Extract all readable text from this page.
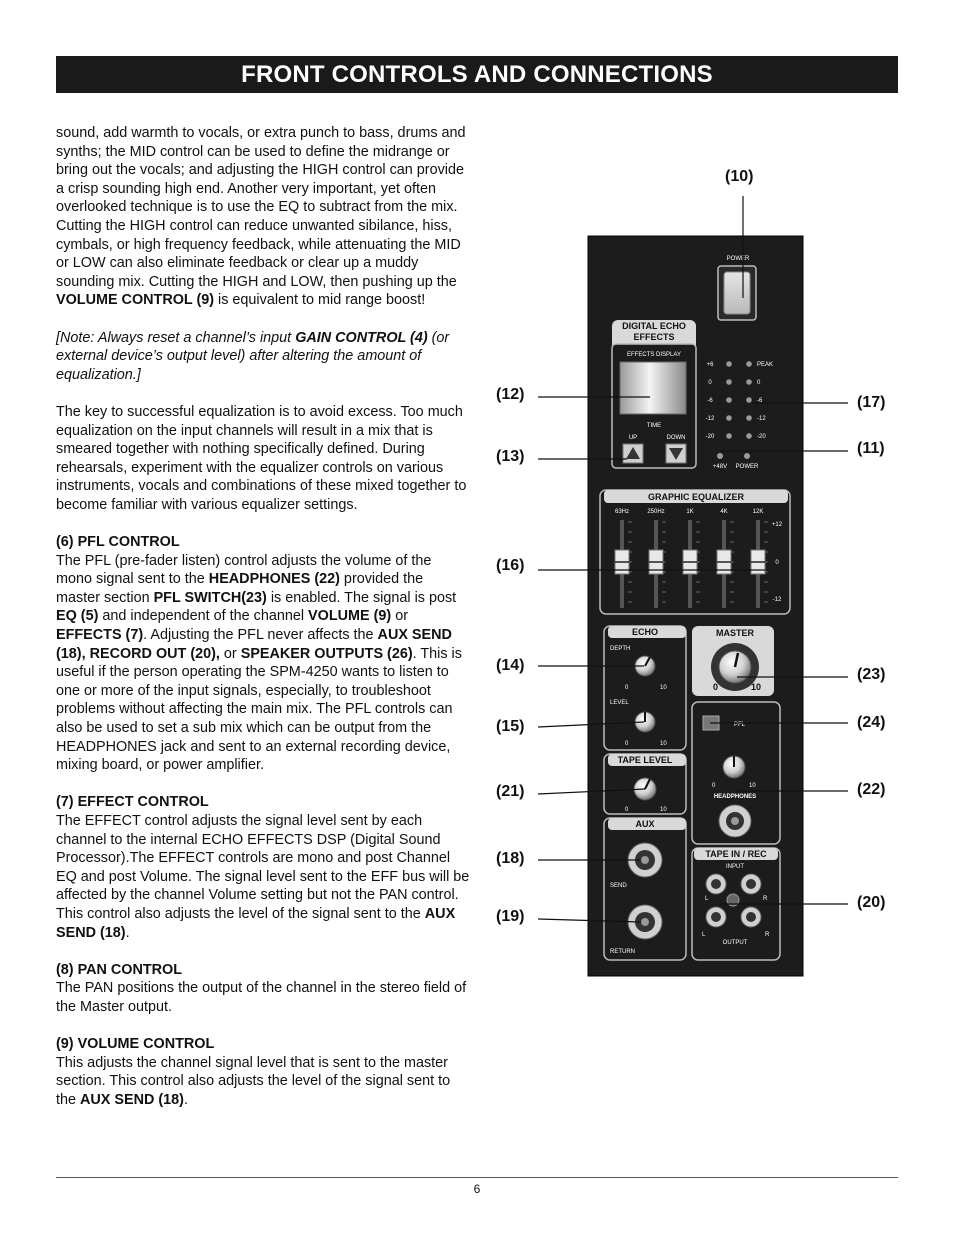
FRONT CONTROLS AND CONNECTIONS

sound, add warmth to vocals, or extra punch to bass, drums and synths; the MID control can be used to define the midrange or bring out the vocals; and adjusting the HIGH control can provide a crisp sounding high end. Another very important, yet often overlooked technique is to use the EQ to subtract from the mix. Cutting the HIGH control can reduce unwanted sibilance, hiss, cymbals, or high frequency feedback, while attenuating the MID or LOW can also eliminate feedback or clear up a muddy sounding mix. Cutting the HIGH and LOW, then pushing up the VOLUME CONTROL (9) is equivalent to mid range boost!

[Note: Always reset a channel’s input GAIN CONTROL (4) (or external device’s output level) after altering the amount of equalization.]

The key to successful equalization is to avoid excess. Too much equalization on the input channels will result in a mix that is smeared together with nothing specifically defined. During rehearsals, experiment with the equalizer controls on various instruments, vocals and combinations of these mixed together to become familiar with various equalizer settings.

(6) PFL CONTROL

The PFL (pre-fader listen) control adjusts the volume of the mono signal sent to the HEADPHONES (22) provided the master section PFL SWITCH(23) is enabled. The signal is post EQ (5) and independent of the channel VOLUME (9) or EFFECTS (7). Adjusting the PFL never affects the AUX SEND (18), RECORD OUT (20), or SPEAKER OUTPUTS (26). This is useful if the person operating the SPM-4250 wants to listen to one or more of the input signals, especially, to troubleshoot problems without affecting the main mix. The PFL controls can also be used to set a sub mix which can be output from the HEADPHONES jack and sent to an external recording device, mixing board, or power amplifier.

(7) EFFECT CONTROL

The EFFECT control adjusts the signal level sent by each channel to the internal ECHO EFFECTS DSP (Digital Sound Processor).The EFFECT controls are mono and post Channel EQ and post Volume. The signal level sent to the EFF bus will be affected by the channel Volume setting but not the PAN control. This control also adjusts the level of the signal sent to the AUX SEND (18).

(8) PAN CONTROL

The PAN positions the output of the channel in the stereo field of the Master output.

(9) VOLUME CONTROL

This adjusts the channel signal level that is sent to the master section. This control also adjusts the level of the signal sent to the AUX SEND (18).

POWER
DIGITAL ECHO
EFFECTS
EFFECTS DISPLAY
TIME
UP	DOWN
+6	PEAK
0	0
-6	-6
-12	-12
-20	-20
+48V POWER
GRAPHIC EQUALIZER
63Hz	250Hz	1K	4K	12K
+12
0
-12
ECHO
DEPTH
0	10
LEVEL
0	10
MASTER
0	10
PFL
0	10
HEADPHONES
TAPE LEVEL
0	10
AUX
SEND
RETURN
TAPE IN / REC
INPUT
L	R
L	R
OUTPUT
(10)
(12)
(13)
(16)
(14)
(15)
(21)
(18)
(19)
(17)
(11)
(23)
(24)
(22)
(20)
6
